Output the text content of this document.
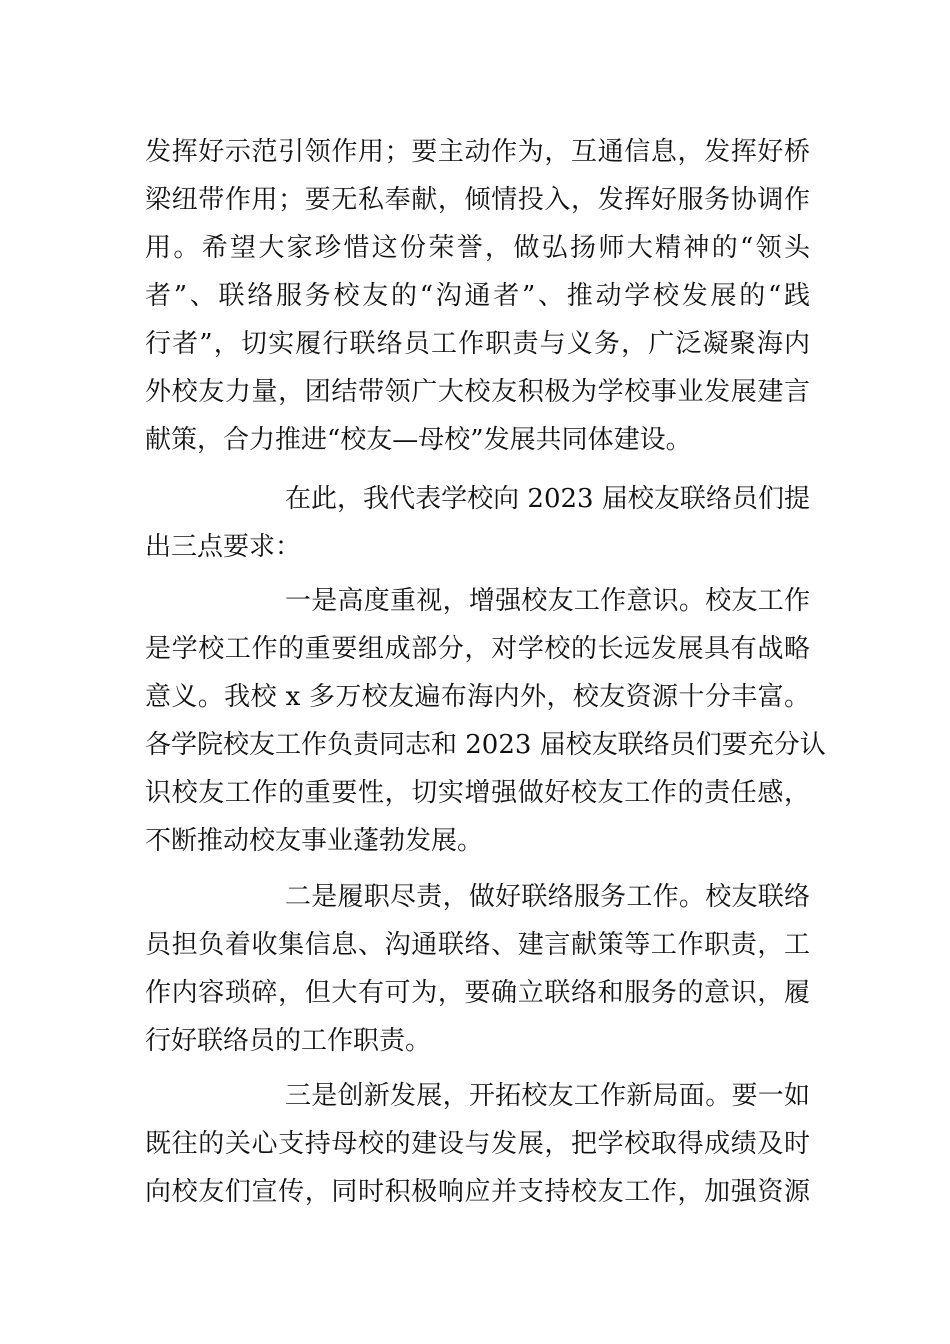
发挥好示范引领作用；要主动作为，互通信息，发挥好桥
梁纽带作用；要无私奉献，倾情投入，发挥好服务协调作
用。希望大家珍惜这份荣誉，做弘扬师大精神的“领头
者”、联络服务校友的“沟通者”、推动学校发展的“践
行者”，切实履行联络员工作职责与义务，广泛凝聚海内
外校友力量，团结带领广大校友积极为学校事业发展建言
献策，合力推进“校友—母校”发展共同体建设。
在此，我代表学校向 2023 届校友联络员们提
出三点要求：
一是高度重视，增强校友工作意识。校友工作
是学校工作的重要组成部分，对学校的长远发展具有战略
意义。我校 x 多万校友遍布海内外，校友资源十分丰富。
各学院校友工作负责同志和 2023 届校友联络员们要充分认
识校友工作的重要性，切实增强做好校友工作的责任感，
不断推动校友事业蓬勃发展。
二是履职尽责，做好联络服务工作。校友联络
员担负着收集信息、沟通联络、建言献策等工作职责，工
作内容琐碎，但大有可为，要确立联络和服务的意识，履
行好联络员的工作职责。
三是创新发展，开拓校友工作新局面。要一如
既往的关心支持母校的建设与发展，把学校取得成绩及时
向校友们宣传，同时积极响应并支持校友工作，加强资源
